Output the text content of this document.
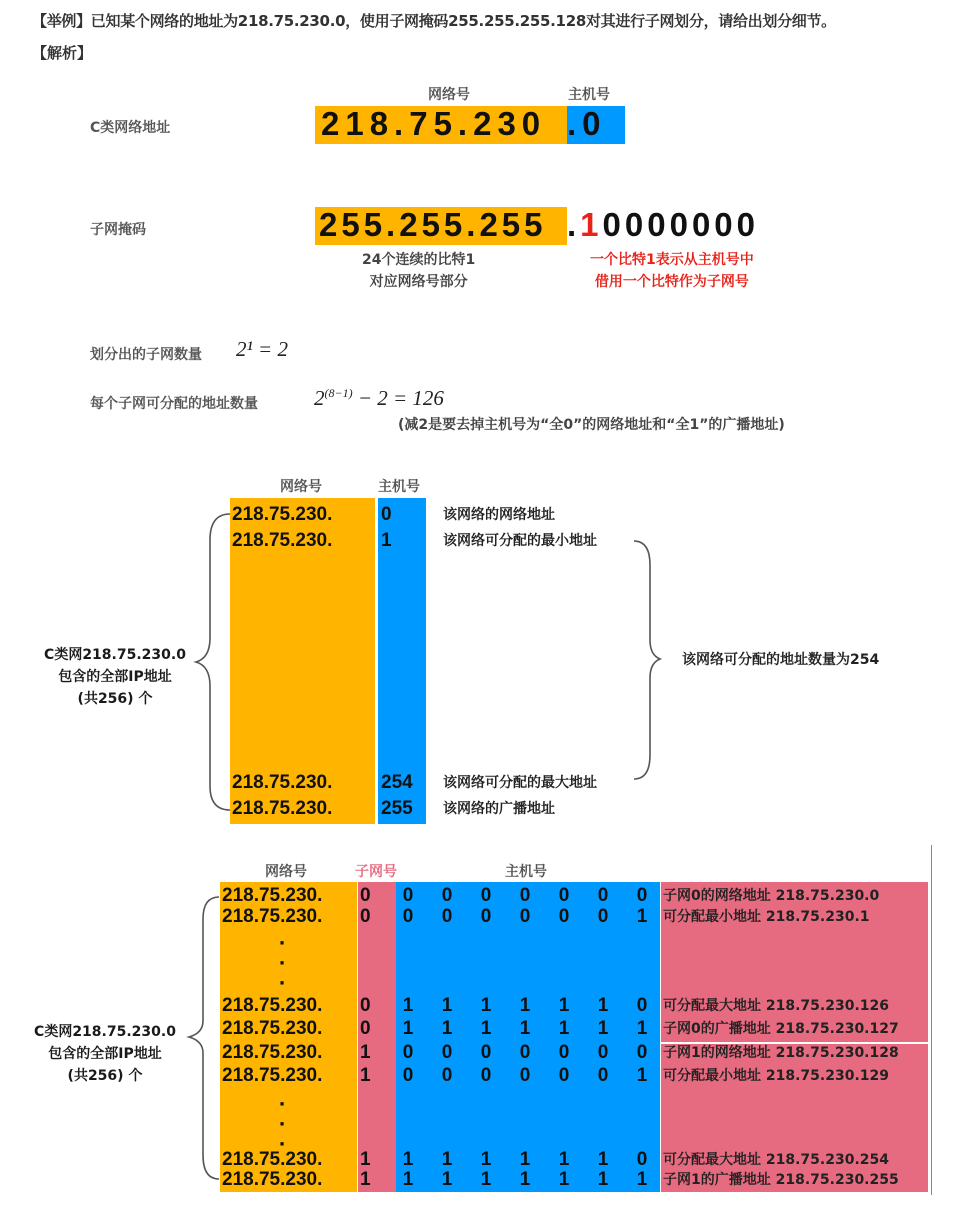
【举例】已知某个网络的地址为218.75.230.0，使用子网掩码255.255.255.128对其进行子网划分，请给出划分细节。
【解析】
网络号	主机号
C类网络地址	218.75.230 .0
子网掩码	255.255.255 .10000000
24个连续的比特1
对应网络号部分
一个比特1表示从主机号中
借用一个比特作为子网号
划分出的子网数量 2¹ = 2
每个子网可分配的地址数量	$2^{(8-1)} - 2 = 126$
(减2是要去掉主机号为“全0”的网络地址和“全1”的广播地址)
网络号	主机号
218.75.230.	0	该网络的网络地址
218.75.230.	1	该网络可分配的最小地址
218.75.230.	254 该网络可分配的最大地址
218.75.230.	255 该网络的广播地址
C类网218.75.230.0
包含的全部IP地址
(共256) 个
该网络可分配的地址数量为254
网络号	子网号	主机号
218.75.230. 0 0 0 0 0 0 0 0 子网0的网络地址 218.75.230.0
218.75.230. 0 0 0 0 0 0 0 1 可分配最小地址 218.75.230.1
·
·
·
218.75.230. 0 1 1 1 1 1 1 0 可分配最大地址 218.75.230.126
218.75.230. 0 1 1 1 1 1 1 1 子网0的广播地址 218.75.230.127
218.75.230. 1 0 0 0 0 0 0 0 子网1的网络地址 218.75.230.128
218.75.230. 1 0 0 0 0 0 0 1 可分配最小地址 218.75.230.129
·
·
·
218.75.230. 1 1 1 1 1 1 1 0 可分配最大地址 218.75.230.254
218.75.230. 1 1 1 1 1 1 1 1 子网1的广播地址 218.75.230.255
C类网218.75.230.0
包含的全部IP地址
(共256) 个
